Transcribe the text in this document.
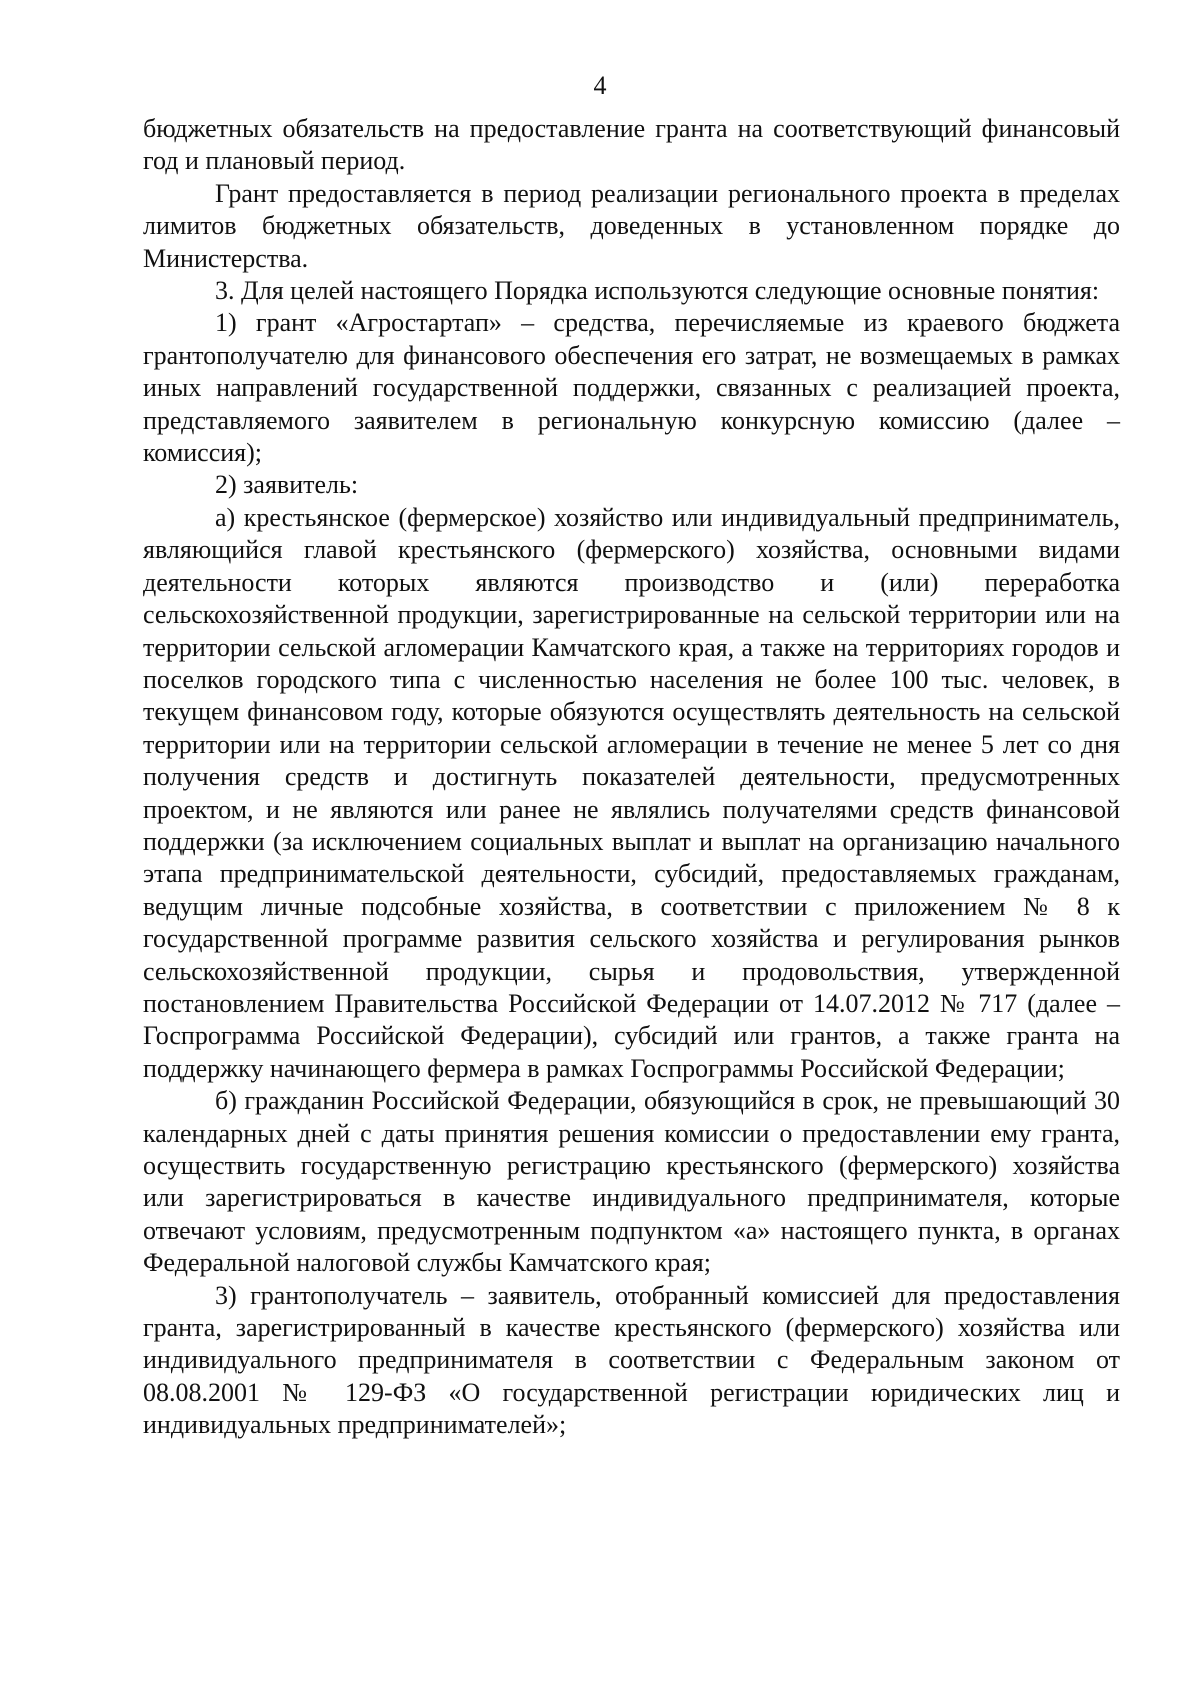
4

бюджетных обязательств на предоставление гранта на соответствующий финансовый год и плановый период.

Грант предоставляется в период реализации регионального проекта в пределах лимитов бюджетных обязательств, доведенных в установленном порядке до Министерства.

3. Для целей настоящего Порядка используются следующие основные понятия:

1) грант «Агростартап» – средства, перечисляемые из краевого бюджета грантополучателю для финансового обеспечения его затрат, не возмещаемых в рамках иных направлений государственной поддержки, связанных с реализацией проекта, представляемого заявителем в региональную конкурсную комиссию (далее – комиссия);

2) заявитель:

а) крестьянское (фермерское) хозяйство или индивидуальный предприниматель, являющийся главой крестьянского (фермерского) хозяйства, основными видами деятельности которых являются производство и (или) переработка сельскохозяйственной продукции, зарегистрированные на сельской территории или на территории сельской агломерации Камчатского края, а также на территориях городов и поселков городского типа с численностью населения не более 100 тыс. человек, в текущем финансовом году, которые обязуются осуществлять деятельность на сельской территории или на территории сельской агломерации в течение не менее 5 лет со дня получения средств и достигнуть показателей деятельности, предусмотренных проектом, и не являются или ранее не являлись получателями средств финансовой поддержки (за исключением социальных выплат и выплат на организацию начального этапа предпринимательской деятельности, субсидий, предоставляемых гражданам, ведущим личные подсобные хозяйства, в соответствии с приложением № 8 к государственной программе развития сельского хозяйства и регулирования рынков сельскохозяйственной продукции, сырья и продовольствия, утвержденной постановлением Правительства Российской Федерации от 14.07.2012 № 717 (далее – Госпрограмма Российской Федерации), субсидий или грантов, а также гранта на поддержку начинающего фермера в рамках Госпрограммы Российской Федерации;

б) гражданин Российской Федерации, обязующийся в срок, не превышающий 30 календарных дней с даты принятия решения комиссии о предоставлении ему гранта, осуществить государственную регистрацию крестьянского (фермерского) хозяйства или зарегистрироваться в качестве индивидуального предпринимателя, которые отвечают условиям, предусмотренным подпунктом «а» настоящего пункта, в органах Федеральной налоговой службы Камчатского края;

3) грантополучатель – заявитель, отобранный комиссией для предоставления гранта, зарегистрированный в качестве крестьянского (фермерского) хозяйства или индивидуального предпринимателя в соответствии с Федеральным законом от 08.08.2001 № 129-ФЗ «О государственной регистрации юридических лиц и индивидуальных предпринимателей»;
